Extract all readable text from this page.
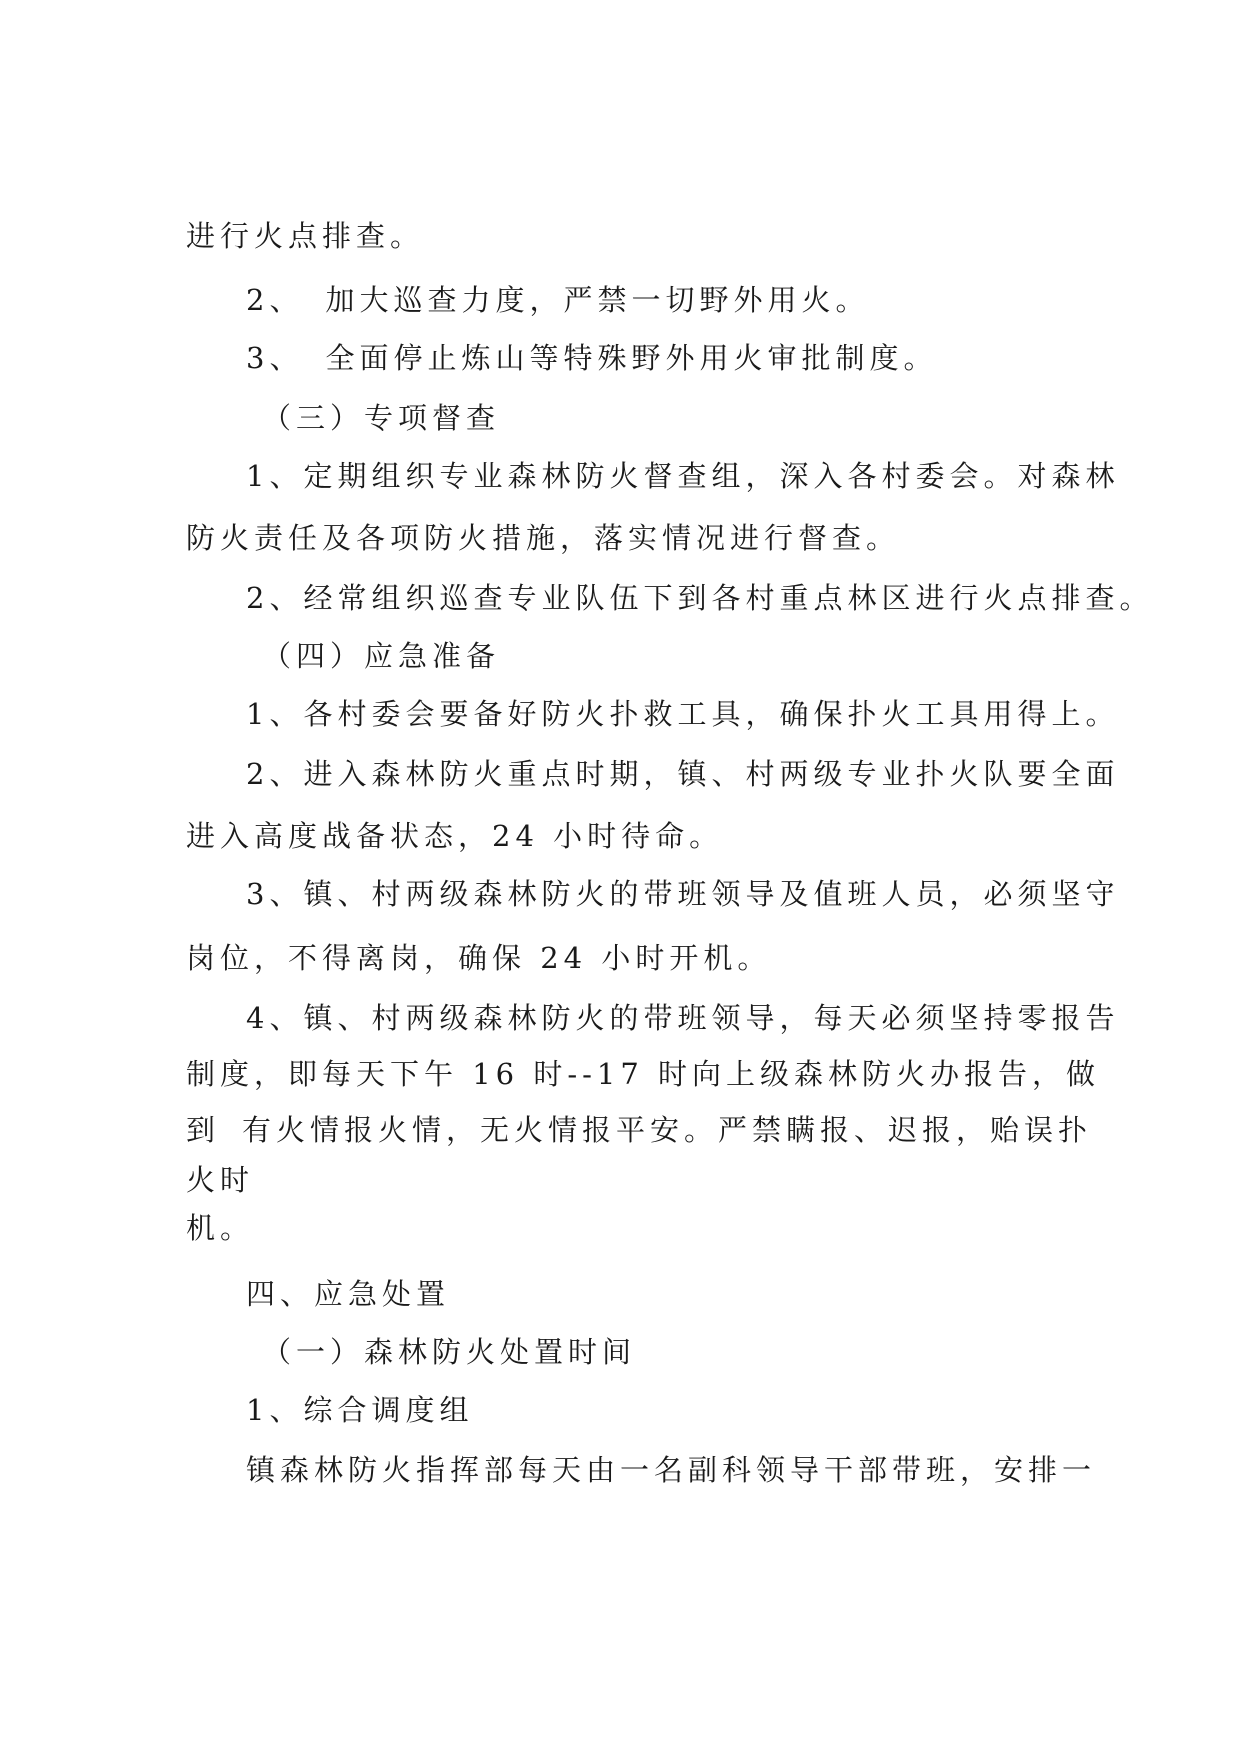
进行火点排查。
2、 加大巡查力度，严禁一切野外用火。
3、 全面停止炼山等特殊野外用火审批制度。
（三）专项督查
1、定期组织专业森林防火督查组，深入各村委会。对森林
防火责任及各项防火措施，落实情况进行督查。
2、经常组织巡查专业队伍下到各村重点林区进行火点排查。
（四）应急准备
1、各村委会要备好防火扑救工具，确保扑火工具用得上。
2、进入森林防火重点时期，镇、村两级专业扑火队要全面
进入高度战备状态，24 小时待命。
3、镇、村两级森林防火的带班领导及值班人员，必须坚守
岗位，不得离岗，确保 24 小时开机。
4、镇、村两级森林防火的带班领导，每天必须坚持零报告
制度，即每天下午 16 时--17 时向上级森林防火办报告，做
到 有火情报火情，无火情报平安。严禁瞒报、迟报，贻误扑
火时
机。
四、应急处置
（一）森林防火处置时间
1、综合调度组
镇森林防火指挥部每天由一名副科领导干部带班，安排一
